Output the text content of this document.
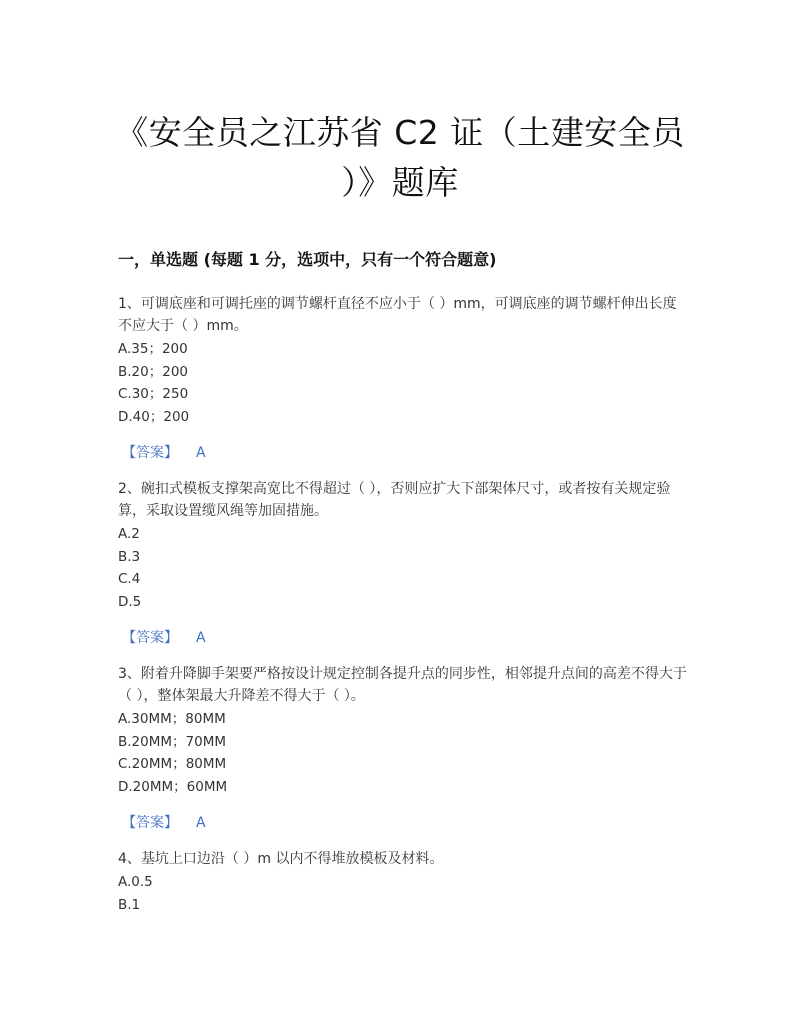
《安全员之江苏省 C2 证（土建安全员
）》题库
一，单选题 (每题 1 分，选项中，只有一个符合题意)

1、可调底座和可调托座的调节螺杆直径不应小于（ ）mm，可调底座的调节螺杆伸出长度不应大于（ ）mm。

A.35；200

B.20；200

C.30；250

D.40；200

【答案】 A

2、碗扣式模板支撑架高宽比不得超过（ ），否则应扩大下部架体尺寸，或者按有关规定验算，采取设置缆风绳等加固措施。

A.2

B.3

C.4

D.5

【答案】 A

3、附着升降脚手架要严格按设计规定控制各提升点的同步性，相邻提升点间的高差不得大于（ ），整体架最大升降差不得大于（ ）。

A.30MM；80MM

B.20MM；70MM

C.20MM；80MM

D.20MM；60MM

【答案】 A

4、基坑上口边沿（ ）m 以内不得堆放模板及材料。

A.0.5

B.1
